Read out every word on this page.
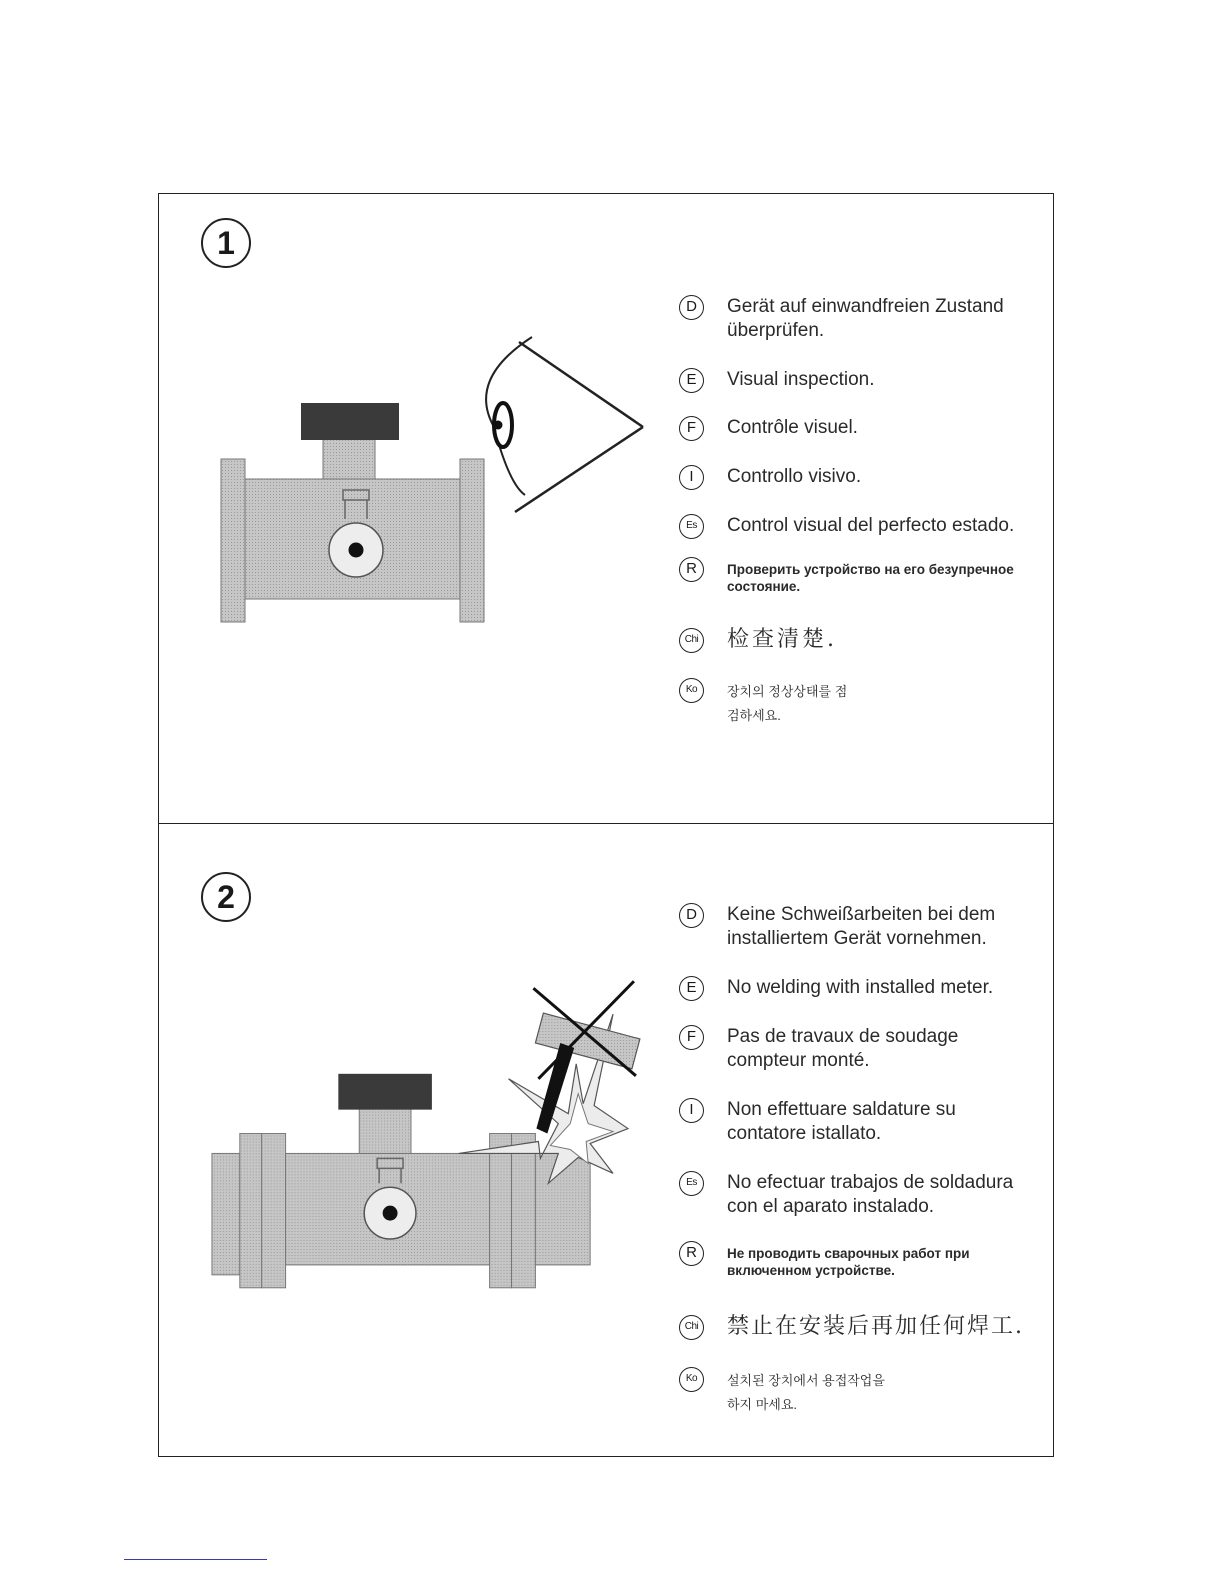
1
D	Gerät auf einwandfreien Zustand überprüfen.
E	Visual inspection.
F	Contrôle visuel.
I	Controllo visivo.
Es	Control visual del perfecto estado.
R	Проверить устройство на его безупречное состояние.
Chi 检查清楚.
Ko	장치의 정상상태를 점검하세요.
2	D	Keine Schweißarbeiten bei dem installiertem Gerät vornehmen.
E	No welding with installed meter.
F	Pas de travaux de soudage compteur monté.
I	Non effettuare saldature su contatore istallato.
Es	No efectuar trabajos de soldadura con el aparato instalado.
R	Не проводить сварочных работ при включенном устройстве.
Chi 禁止在安装后再加任何焊工.
Ko	설치된 장치에서 용접작업을 하지 마세요.
